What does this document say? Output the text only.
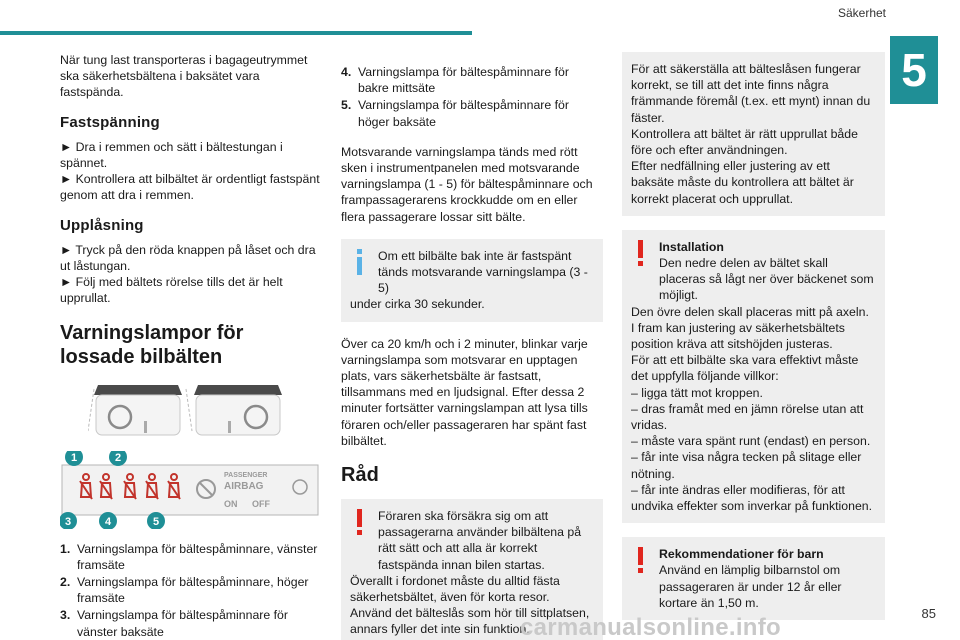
Säkerhet
5

När tung last transporteras i bagageutrymmet ska säkerhetsbältena i baksätet vara fastspända.

Fastspänning

► Dra i remmen och sätt i bältestungan i spännet.

► Kontrollera att bilbältet är ordentligt fastspänt genom att dra i remmen.

Upplåsning

► Tryck på den röda knappen på låset och dra ut låstungan.

► Följ med bältets rörelse tills det är helt upprullat.

Varningslampor för lossade bilbälten
1	2
3	4	5
PASSENGER
AIRBAG
ON OFF
1. Varningslampa för bältespåminnare, vänster framsäte
2. Varningslampa för bältespåminnare, höger framsäte
3. Varningslampa för bältespåminnare för vänster baksäte
4. Varningslampa för bältespåminnare för bakre mittsäte
5. Varningslampa för bältespåminnare för höger baksäte

Motsvarande varningslampa tänds med rött sken i instrumentpanelen med motsvarande varningslampa (1 - 5) för bältespåminnare och frampassagerarens krockkudde om en eller flera passagerare lossar sitt bälte.

Om ett bilbälte bak inte är fastspänt tänds motsvarande varningslampa (3 - 5)

under cirka 30 sekunder.

Över ca 20 km/h och i 2 minuter, blinkar varje varningslampa som motsvarar en upptagen plats, vars säkerhetsbälte är fastsatt, tillsammans med en ljudsignal. Efter dessa 2 minuter fortsätter varningslampan att lysa tills föraren och/eller passageraren har spänt fast bilbältet.

Råd

Föraren ska försäkra sig om att passagerarna använder bilbältena på rätt sätt och att alla är korrekt fastspända innan bilen startas.

Överallt i fordonet måste du alltid fästa säkerhetsbältet, även för korta resor.

Använd det bälteslås som hör till sittplatsen, annars fyller det inte sin funktion.

För att säkerställa att bälteslåsen fungerar korrekt, se till att det inte finns några främmande föremål (t.ex. ett mynt) innan du fäster.

Kontrollera att bältet är rätt upprullat både före och efter användningen.

Efter nedfällning eller justering av ett baksäte måste du kontrollera att bältet är korrekt placerat och upprullat.

Installation

Den nedre delen av bältet skall placeras så lågt ner över bäckenet som möjligt.

Den övre delen skall placeras mitt på axeln.

I fram kan justering av säkerhetsbältets position kräva att sitshöjden justeras.

För att ett bilbälte ska vara effektivt måste det uppfylla följande villkor:

– ligga tätt mot kroppen.

– dras framåt med en jämn rörelse utan att vridas.

– måste vara spänt runt (endast) en person.

– får inte visa några tecken på slitage eller nötning.

– får inte ändras eller modifieras, för att undvika effekter som inverkar på funktionen.

Rekommendationer för barn

Använd en lämplig bilbarnstol om passageraren är under 12 år eller kortare än 1,50 m.

85
carmanualsonline.info
